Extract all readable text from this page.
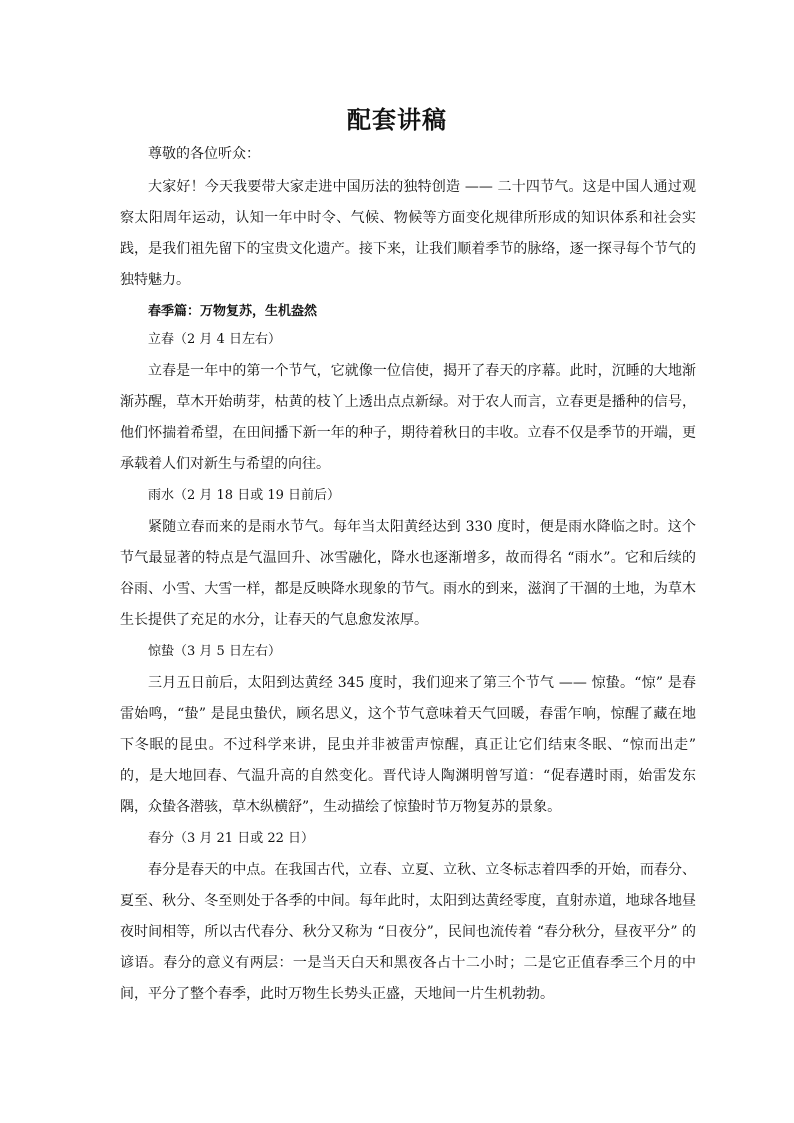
配套讲稿

尊敬的各位听众：

大家好！今天我要带大家走进中国历法的独特创造 —— 二十四节气。这是中国人通过观察太阳周年运动，认知一年中时令、气候、物候等方面变化规律所形成的知识体系和社会实践，是我们祖先留下的宝贵文化遗产。接下来，让我们顺着季节的脉络，逐一探寻每个节气的独特魅力。

春季篇：万物复苏，生机盎然

立春（2 月 4 日左右）

立春是一年中的第一个节气，它就像一位信使，揭开了春天的序幕。此时，沉睡的大地渐渐苏醒，草木开始萌芽，枯黄的枝丫上透出点点新绿。对于农人而言，立春更是播种的信号，他们怀揣着希望，在田间播下新一年的种子，期待着秋日的丰收。立春不仅是季节的开端，更承载着人们对新生与希望的向往。

雨水（2 月 18 日或 19 日前后）

紧随立春而来的是雨水节气。每年当太阳黄经达到 330 度时，便是雨水降临之时。这个节气最显著的特点是气温回升、冰雪融化，降水也逐渐增多，故而得名 “雨水”。它和后续的谷雨、小雪、大雪一样，都是反映降水现象的节气。雨水的到来，滋润了干涸的土地，为草木生长提供了充足的水分，让春天的气息愈发浓厚。

惊蛰（3 月 5 日左右）

三月五日前后，太阳到达黄经 345 度时，我们迎来了第三个节气 —— 惊蛰。“惊” 是春雷始鸣，“蛰” 是昆虫蛰伏，顾名思义，这个节气意味着天气回暖，春雷乍响，惊醒了藏在地下冬眠的昆虫。不过科学来讲，昆虫并非被雷声惊醒，真正让它们结束冬眠、“惊而出走” 的，是大地回春、气温升高的自然变化。晋代诗人陶渊明曾写道：“促春遘时雨，始雷发东隅，众蛰各潜骇，草木纵横舒”，生动描绘了惊蛰时节万物复苏的景象。

春分（3 月 21 日或 22 日）

春分是春天的中点。在我国古代，立春、立夏、立秋、立冬标志着四季的开始，而春分、夏至、秋分、冬至则处于各季的中间。每年此时，太阳到达黄经零度，直射赤道，地球各地昼夜时间相等，所以古代春分、秋分又称为 “日夜分”，民间也流传着 “春分秋分，昼夜平分” 的谚语。春分的意义有两层：一是当天白天和黑夜各占十二小时；二是它正值春季三个月的中间，平分了整个春季，此时万物生长势头正盛，天地间一片生机勃勃。
